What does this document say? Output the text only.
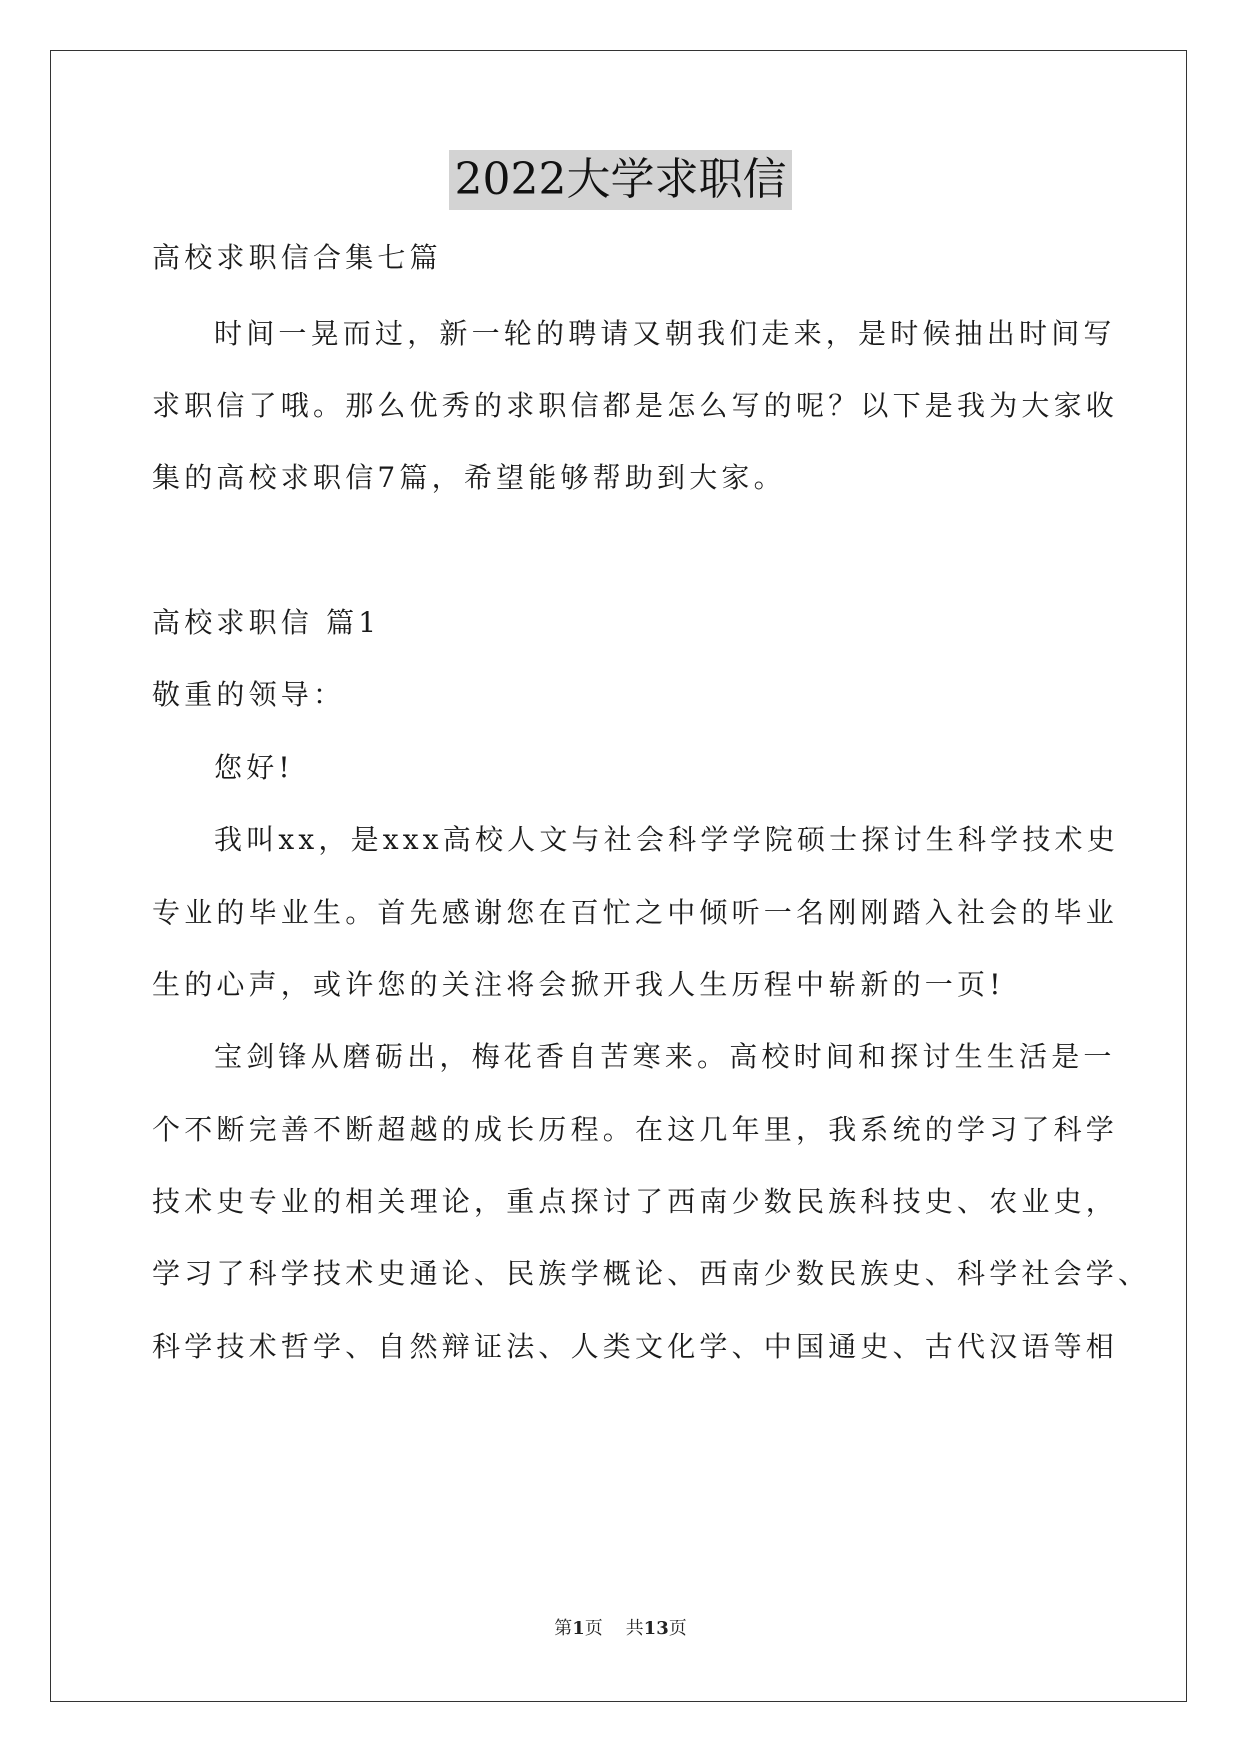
2022大学求职信
高校求职信合集七篇
时间一晃而过，新一轮的聘请又朝我们走来，是时候抽出时间写
求职信了哦。那么优秀的求职信都是怎么写的呢？以下是我为大家收
集的高校求职信7篇，希望能够帮助到大家。
高校求职信 篇1
敬重的领导：
您好!
我叫xx，是xxx高校人文与社会科学学院硕士探讨生科学技术史
专业的毕业生。首先感谢您在百忙之中倾听一名刚刚踏入社会的毕业
生的心声，或许您的关注将会掀开我人生历程中崭新的一页!
宝剑锋从磨砺出，梅花香自苦寒来。高校时间和探讨生生活是一
个不断完善不断超越的成长历程。在这几年里，我系统的学习了科学
技术史专业的相关理论，重点探讨了西南少数民族科技史、农业史，
学习了科学技术史通论、民族学概论、西南少数民族史、科学社会学、
科学技术哲学、自然辩证法、人类文化学、中国通史、古代汉语等相
第1页 共13页
